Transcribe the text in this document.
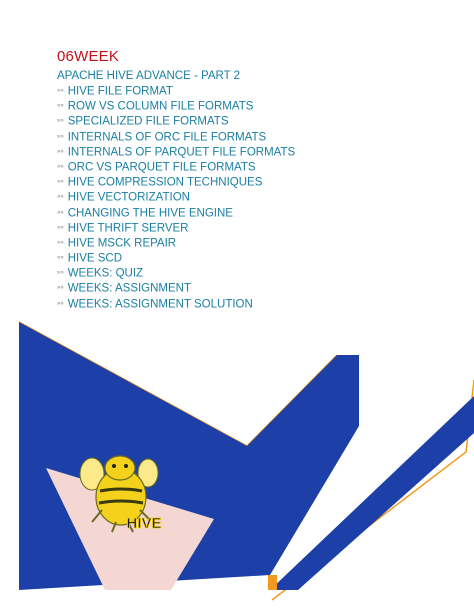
06WEEK
APACHE HIVE ADVANCE - PART 2
»» HIVE FILE FORMAT
»» ROW VS COLUMN FILE FORMATS
»» SPECIALIZED FILE FORMATS
»» INTERNALS OF ORC FILE FORMATS
»» INTERNALS OF PARQUET FILE FORMATS
»» ORC VS PARQUET FILE FORMATS
»» HIVE COMPRESSION TECHNIQUES
»» HIVE VECTORIZATION
»» CHANGING THE HIVE ENGINE
»» HIVE THRIFT SERVER
»» HIVE MSCK REPAIR
»» HIVE SCD
»» WEEKS: QUIZ
»» WEEKS: ASSIGNMENT
»» WEEKS: ASSIGNMENT SOLUTION
HIVE
